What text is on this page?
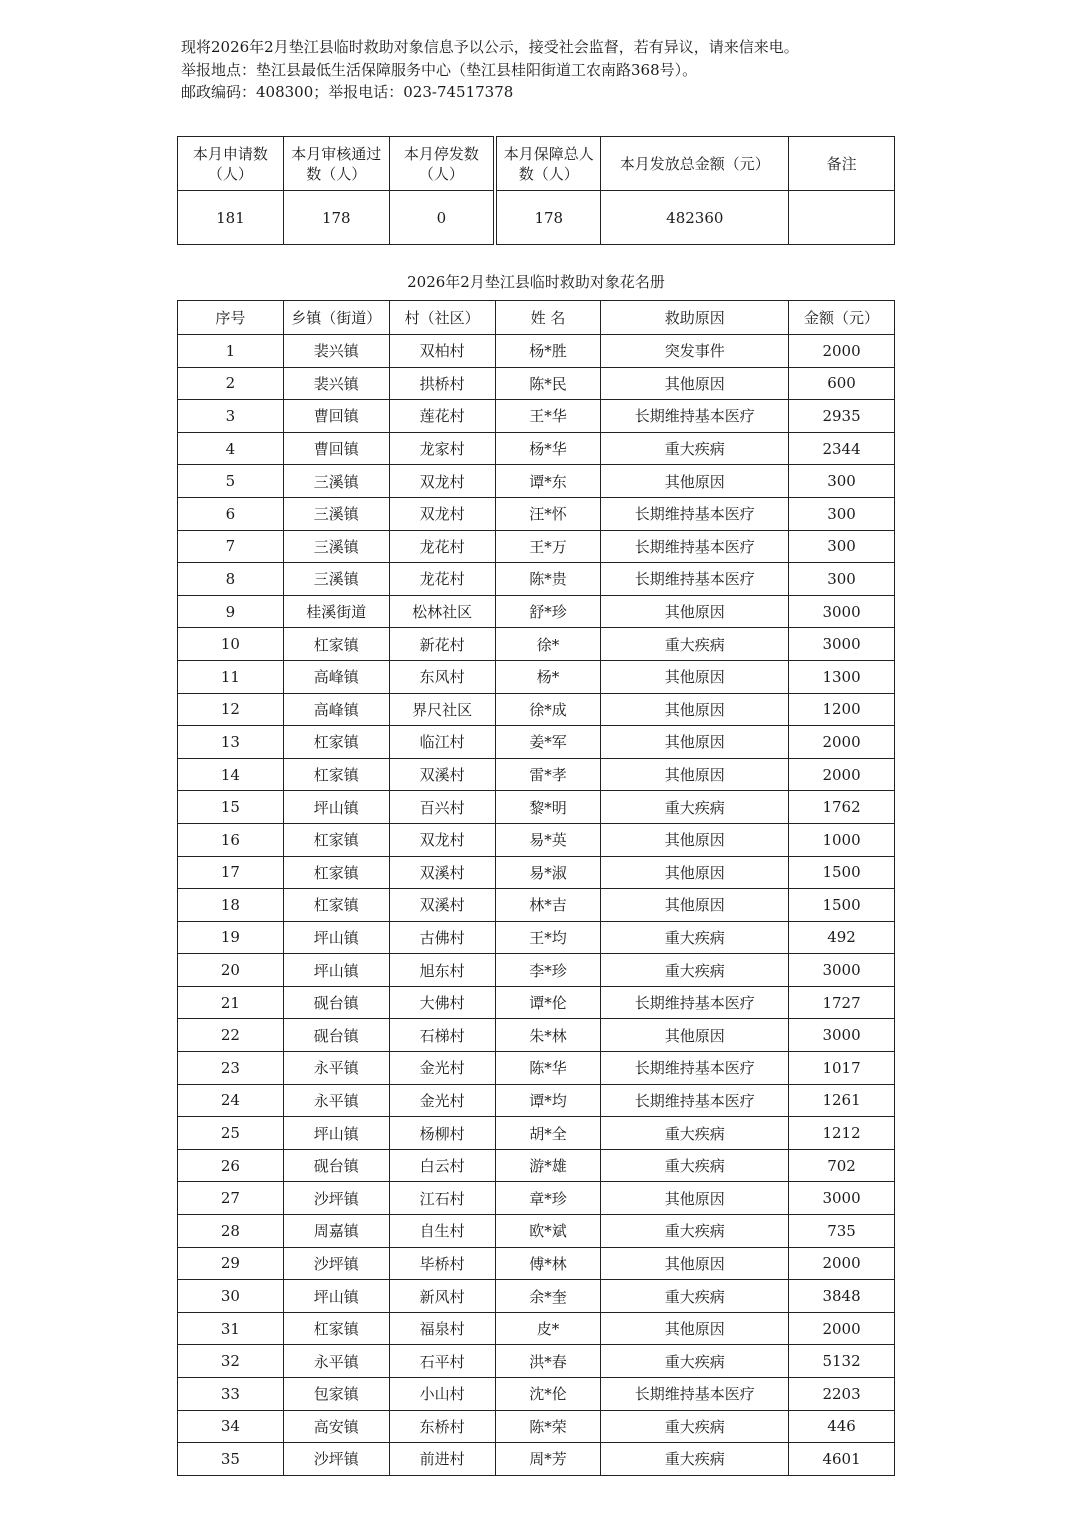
现将2026年2月垫江县临时救助对象信息予以公示，接受社会监督，若有异议，请来信来电。
举报地点：垫江县最低生活保障服务中心（垫江县桂阳街道工农南路368号）。
邮政编码：408300；举报电话：023-74517378
本月申请数（人）	本月审核通过数（人）	本月停发数（人）	本月保障总人数（人）	本月发放总金额（元）	备注
181	178	0	178	482360	
2026年2月垫江县临时救助对象花名册
序号	乡镇（街道）	村（社区）	姓 名	救助原因	金额（元）
1	裴兴镇	双柏村	杨*胜	突发事件	2000
2	裴兴镇	拱桥村	陈*民	其他原因	600
3	曹回镇	莲花村	王*华	长期维持基本医疗	2935
4	曹回镇	龙家村	杨*华	重大疾病	2344
5	三溪镇	双龙村	谭*东	其他原因	300
6	三溪镇	双龙村	汪*怀	长期维持基本医疗	300
7	三溪镇	龙花村	王*万	长期维持基本医疗	300
8	三溪镇	龙花村	陈*贵	长期维持基本医疗	300
9	桂溪街道	松林社区	舒*珍	其他原因	3000
10	杠家镇	新花村	徐*	重大疾病	3000
11	高峰镇	东风村	杨*	其他原因	1300
12	高峰镇	界尺社区	徐*成	其他原因	1200
13	杠家镇	临江村	姜*军	其他原因	2000
14	杠家镇	双溪村	雷*孝	其他原因	2000
15	坪山镇	百兴村	黎*明	重大疾病	1762
16	杠家镇	双龙村	易*英	其他原因	1000
17	杠家镇	双溪村	易*淑	其他原因	1500
18	杠家镇	双溪村	林*吉	其他原因	1500
19	坪山镇	古佛村	王*均	重大疾病	492
20	坪山镇	旭东村	李*珍	重大疾病	3000
21	砚台镇	大佛村	谭*伦	长期维持基本医疗	1727
22	砚台镇	石梯村	朱*林	其他原因	3000
23	永平镇	金光村	陈*华	长期维持基本医疗	1017
24	永平镇	金光村	谭*均	长期维持基本医疗	1261
25	坪山镇	杨柳村	胡*全	重大疾病	1212
26	砚台镇	白云村	游*雄	重大疾病	702
27	沙坪镇	江石村	章*珍	其他原因	3000
28	周嘉镇	自生村	欧*斌	重大疾病	735
29	沙坪镇	毕桥村	傅*林	其他原因	2000
30	坪山镇	新风村	余*奎	重大疾病	3848
31	杠家镇	福泉村	皮*	其他原因	2000
32	永平镇	石平村	洪*春	重大疾病	5132
33	包家镇	小山村	沈*伦	长期维持基本医疗	2203
34	高安镇	东桥村	陈*荣	重大疾病	446
35	沙坪镇	前进村	周*芳	重大疾病	4601
